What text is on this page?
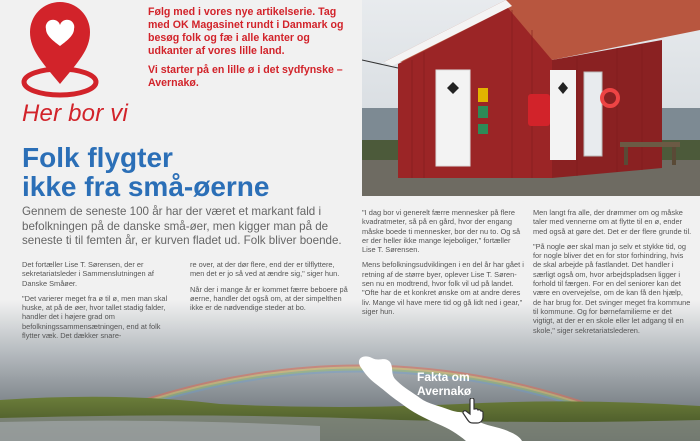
Her bor vi

Følg med i vores nye artikelserie. Tag med OK Magasinet rundt i Danmark og besøg folk og fæ i alle kanter og udkanter af vores lille land.

Vi starter på en lille ø i det sydfynske – Avernakø.

Folk flygter
ikke fra små-øerne
Gennem de seneste 100 år har der været et markant fald i befolkningen på de danske små-øer, men kigger man på de seneste ti til femten år, er kurven fladet ud. Folk bliver boende.

Det fortæller Lise T. Sørensen, der er sekretariatsleder i Sammenslutningen af Danske Småøer.

"Det varierer meget fra ø til ø, men man skal huske, at på de øer, hvor tallet stadig falder, handler det i højere grad om befolkningssammensætningen, end at folk flytter væk. Det dækker snare-

re over, at der dør flere, end der er tilflyttere, men det er jo så ved at ændre sig," siger hun.

Når der i mange år er kommet færre beboere på øerne, handler det også om, at der simpelthen ikke er de nødvendige steder at bo.

"I dag bor vi generelt færre mennesker på flere kvadratmeter, så på en gård, hvor der engang måske boede ti mennesker, bor der nu to. Og så er der heller ikke mange lejeboliger," fortæller Lise T. Sørensen.

Mens befolkningsudviklingen i en del år har gået i retning af de større byer, oplever Lise T. Sørensen nu en modtrend, hvor folk vil ud på landet. "Ofte har de et konkret ønske om at andre deres liv. Mange vil have mere tid og gå lidt ned i gear," siger hun.

Men langt fra alle, der drømmer om og måske taler med vennerne om at flytte til en ø, ender med også at gøre det. Det er der flere grunde til.

"På nogle øer skal man jo selv et stykke tid, og for nogle bliver det en for stor forhindring, hvis de skal arbejde på fastlandet. Det handler i særligt også om, hvor arbejdspladsen ligger i forhold til færgen. For en del seniorer kan det være en overvejelse, om de kan få den hjælp, de har brug for. Det svinger meget fra kommune til kommune. Og for børnefamilierne er det vigtigt, at der er en skole eller let adgang til en skole," siger sekretariatslederen.

Fakta om
Avernakø
